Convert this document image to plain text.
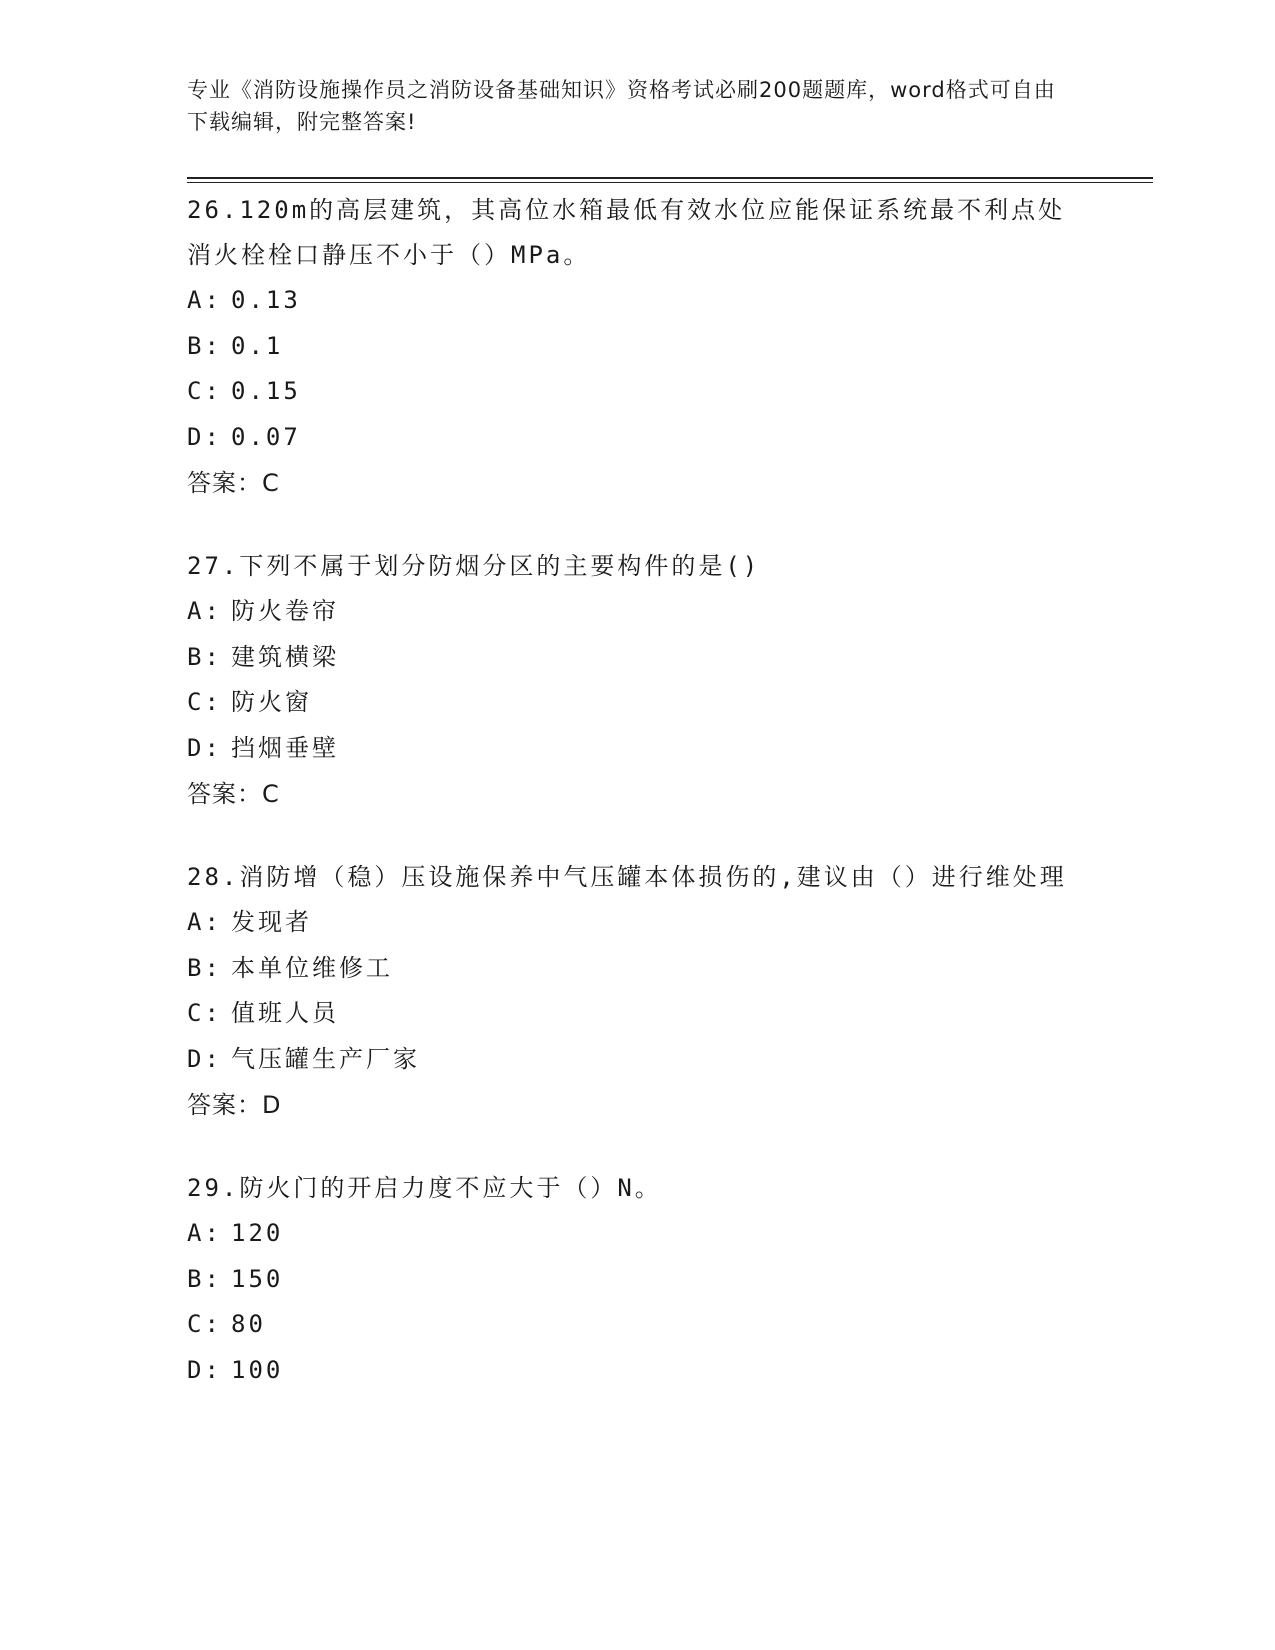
专业《消防设施操作员之消防设备基础知识》资格考试必刷200题题库，word格式可自由下载编辑，附完整答案!
26.120m的高层建筑，其高位水箱最低有效水位应能保证系统最不利点处消火栓栓口静压不小于（）MPa。
A: 0.13
B: 0.1
C: 0.15
D: 0.07
答案：C
27.下列不属于划分防烟分区的主要构件的是()
A: 防火卷帘
B: 建筑横梁
C: 防火窗
D: 挡烟垂壁
答案：C
28.消防增（稳）压设施保养中气压罐本体损伤的,建议由（）进行维处理
A: 发现者
B: 本单位维修工
C: 值班人员
D: 气压罐生产厂家
答案：D
29.防火门的开启力度不应大于（）N。
A: 120
B: 150
C: 80
D: 100
